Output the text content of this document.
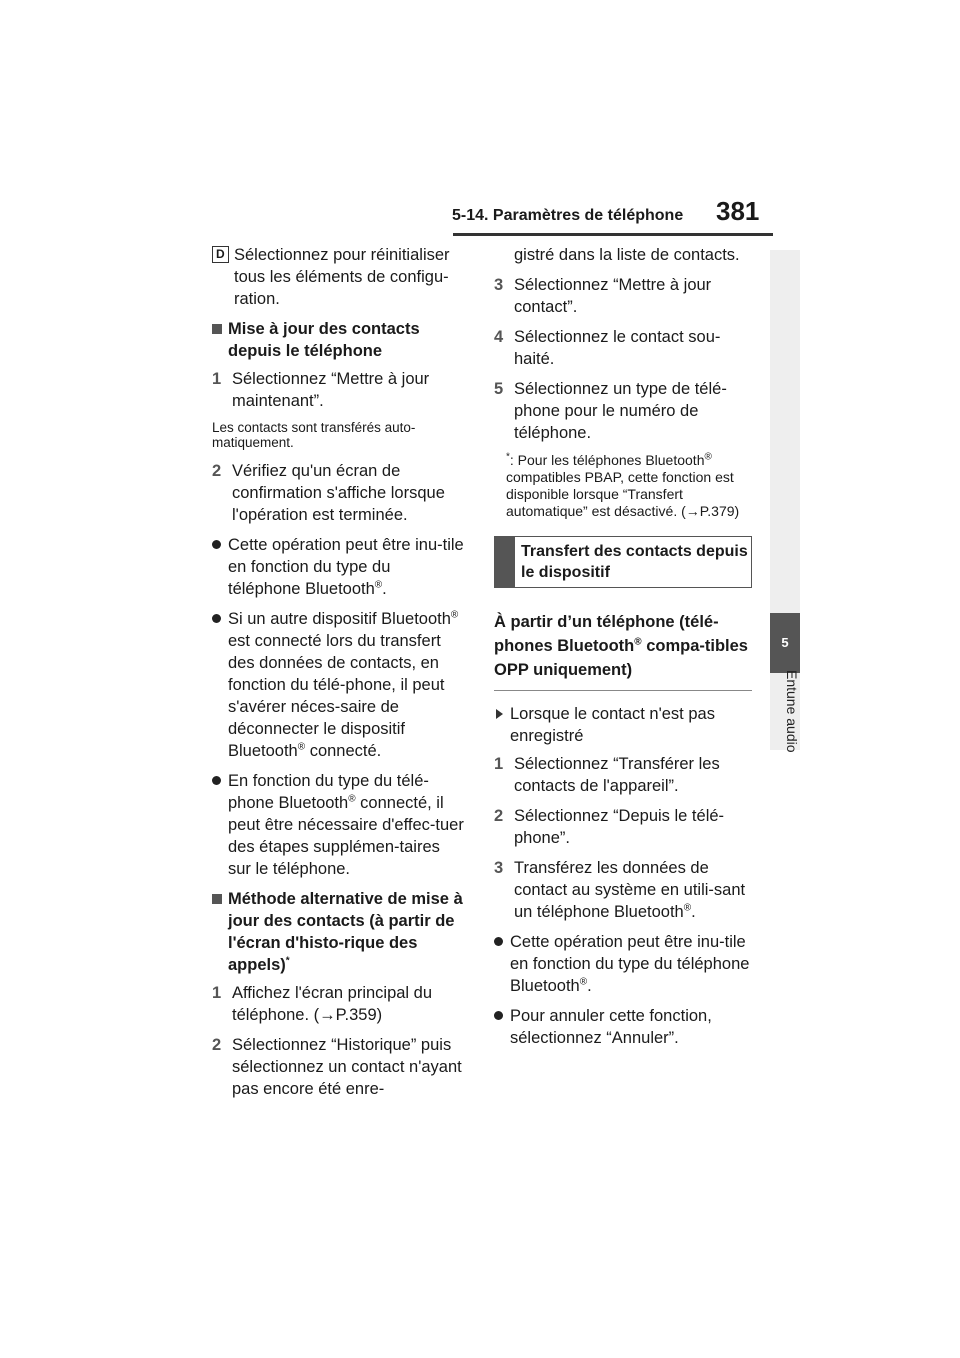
5-14. Paramètres de téléphone 381
5
Entune audio
D Sélectionnez pour réinitialiser tous les éléments de configu-ration.
Mise à jour des contacts depuis le téléphone
1 Sélectionnez “Mettre à jour maintenant”.
Les contacts sont transférés auto-matiquement.
2 Vérifiez qu'un écran de confirmation s'affiche lorsque l'opération est terminée.
Cette opération peut être inu-tile en fonction du type du téléphone Bluetooth®.
Si un autre dispositif Bluetooth® est connecté lors du transfert des données de contacts, en fonction du télé-phone, il peut s'avérer néces-saire de déconnecter le dispositif Bluetooth® connecté.
En fonction du type du télé-phone Bluetooth® connecté, il peut être nécessaire d'effec-tuer des étapes supplémen-taires sur le téléphone.
Méthode alternative de mise à jour des contacts (à partir de l'écran d'histo-rique des appels)*
1 Affichez l'écran principal du téléphone. (→P.359)
2 Sélectionnez “Historique” puis sélectionnez un contact n'ayant pas encore été enre-
gistré dans la liste de contacts.
3 Sélectionnez “Mettre à jour contact”.
4 Sélectionnez le contact sou-haité.
5 Sélectionnez un type de télé-phone pour le numéro de téléphone.
*: Pour les téléphones Bluetooth® compatibles PBAP, cette fonction est disponible lorsque “Transfert automatique” est désactivé. (→P.379)
Transfert des contacts depuis le dispositif
À partir d’un téléphone (télé-phones Bluetooth® compa-tibles OPP uniquement)
Lorsque le contact n'est pas enregistré
1 Sélectionnez “Transférer les contacts de l'appareil”.
2 Sélectionnez “Depuis le télé-phone”.
3 Transférez les données de contact au système en utili-sant un téléphone Bluetooth®.
Cette opération peut être inu-tile en fonction du type du téléphone Bluetooth®.
Pour annuler cette fonction, sélectionnez “Annuler”.
